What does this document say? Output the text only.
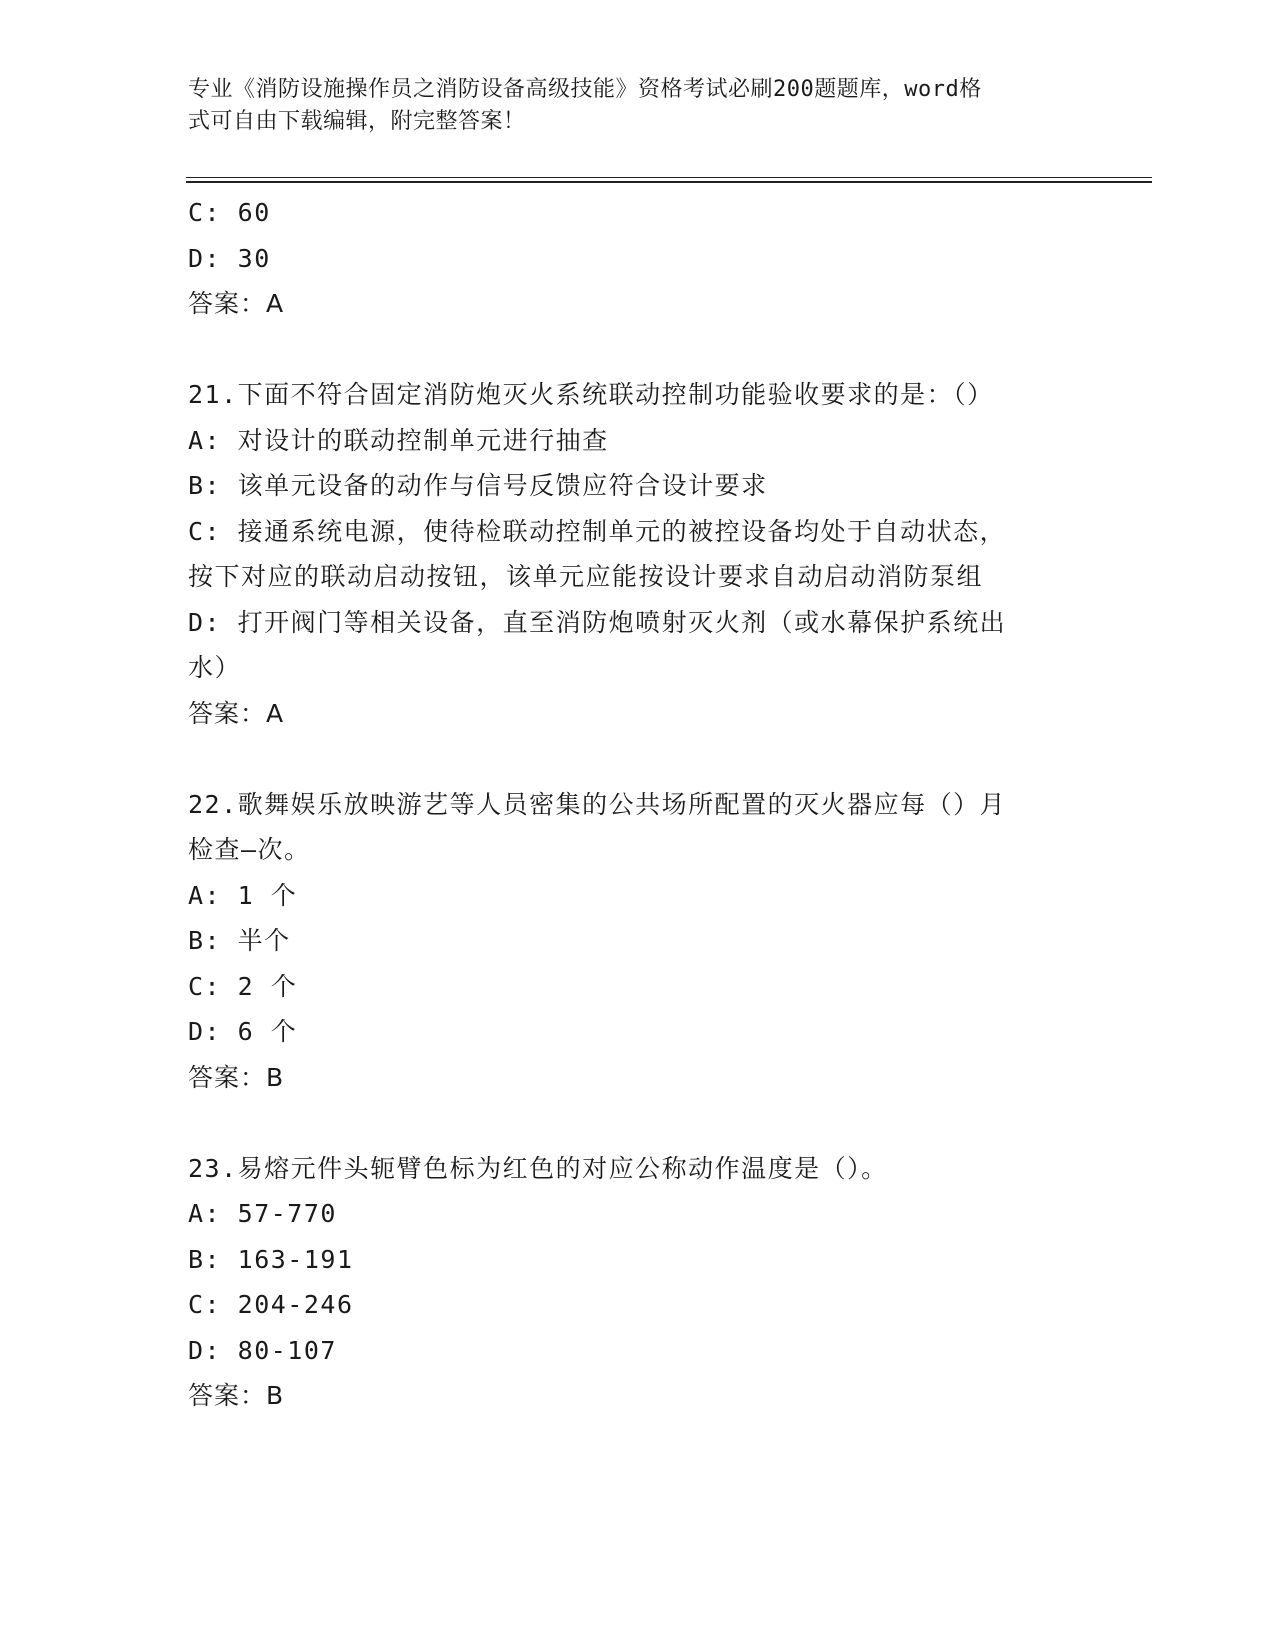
专业《消防设施操作员之消防设备高级技能》资格考试必刷200题题库，word格
式可自由下载编辑，附完整答案！
C: 60
D: 30
答案：A
21.下面不符合固定消防炮灭火系统联动控制功能验收要求的是：（）
A: 对设计的联动控制单元进行抽查
B: 该单元设备的动作与信号反馈应符合设计要求
C: 接通系统电源，使待检联动控制单元的被控设备均处于自动状态，
按下对应的联动启动按钮，该单元应能按设计要求自动启动消防泵组
D: 打开阀门等相关设备，直至消防炮喷射灭火剂（或水幕保护系统出
水）
答案：A
22.歌舞娱乐放映游艺等人员密集的公共场所配置的灭火器应每（）月
检查—次。
A: 1 个
B: 半个
C: 2 个
D: 6 个
答案：B
23.易熔元件头轭臂色标为红色的对应公称动作温度是（）。
A: 57-770
B: 163-191
C: 204-246
D: 80-107
答案：B
